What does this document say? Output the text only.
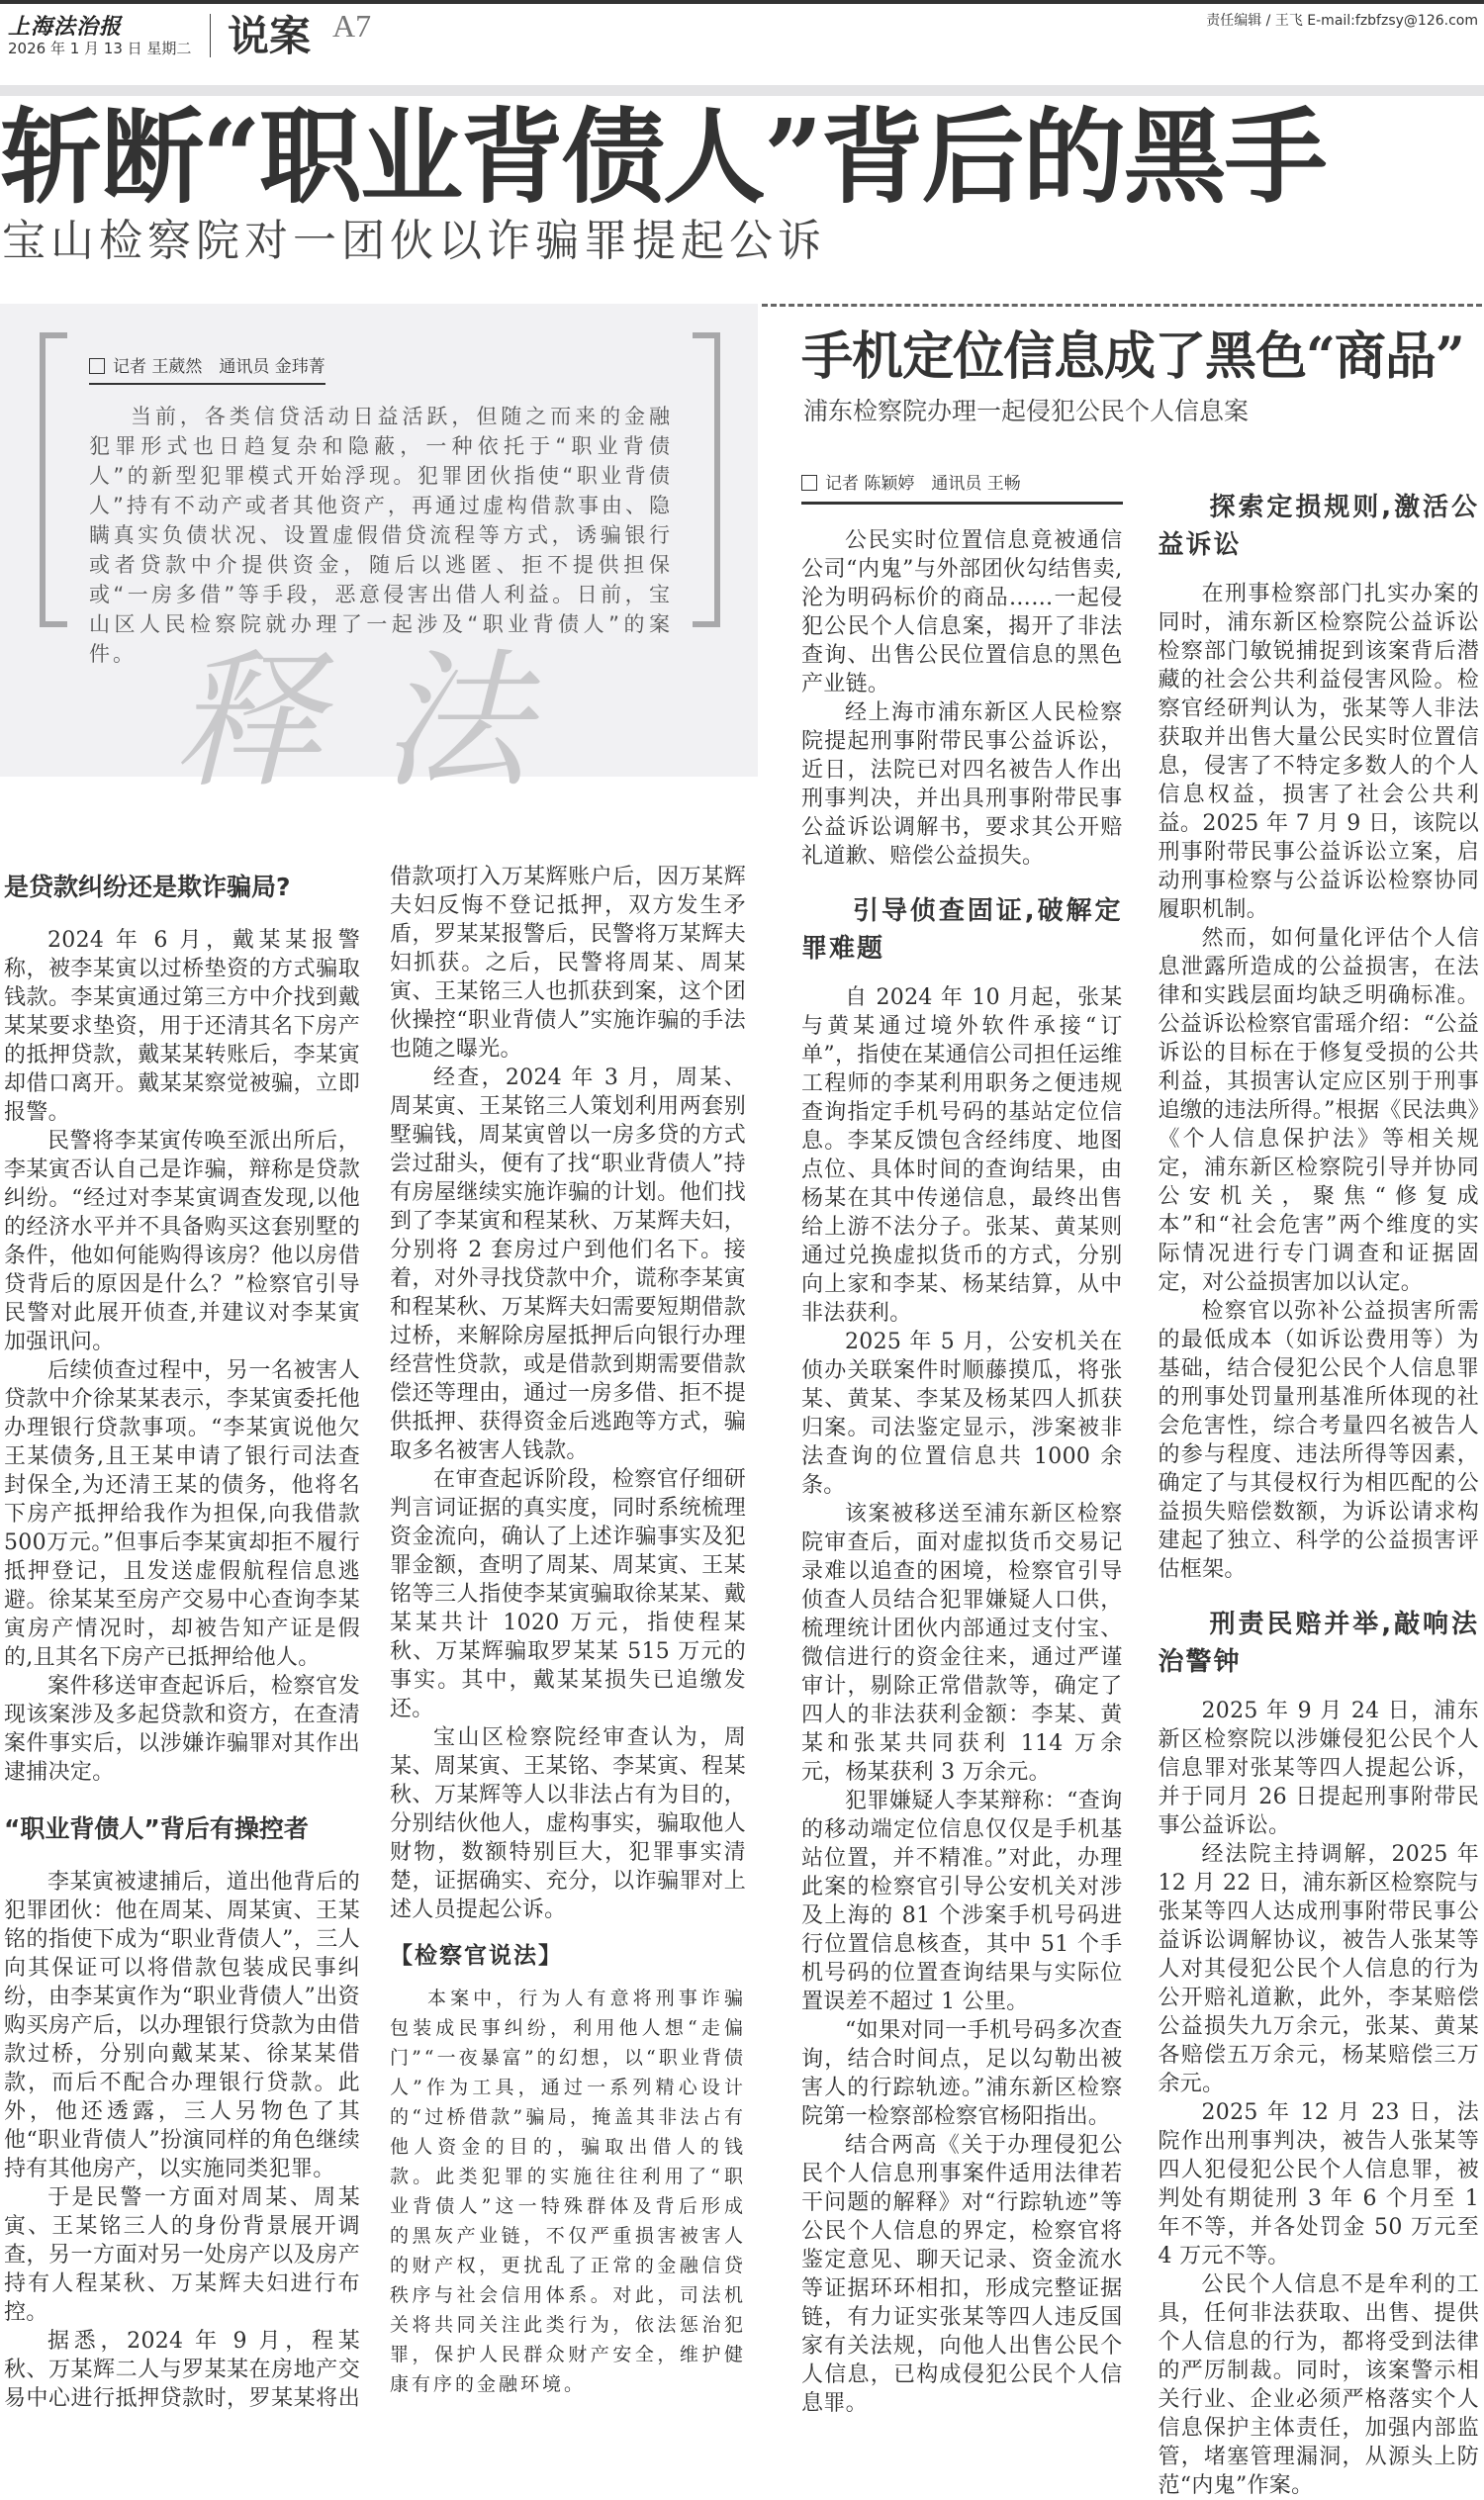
上海法治报
2026 年 1 月 13 日 星期二 说案 A7	责任编辑 / 王飞 E-mail:fzbfzsy@126.com
斩断“职业背债人”背后的黑手
宝山检察院对一团伙以诈骗罪提起公诉
记者 王葳然　通讯员 金玮菁
当前，各类信贷活动日益活跃，但随之而来的金融犯罪形式也日趋复杂和隐蔽，一种依托于“职业背债人”的新型犯罪模式开始浮现。犯罪团伙指使“职业背债人”持有不动产或者其他资产，再通过虚构借款事由、隐瞒真实负债状况、设置虚假借贷流程等方式，诱骗银行或者贷款中介提供资金，随后以逃匿、拒不提供担保或“一房多借”等手段，恶意侵害出借人利益。日前，宝山区人民检察院就办理了一起涉及“职业背债人”的案件。 释法
是贷款纠纷还是欺诈骗局?

2024 年 6 月，戴某某报警称，被李某寅以过桥垫资的方式骗取钱款。李某寅通过第三方中介找到戴某某要求垫资，用于还清其名下房产的抵押贷款，戴某某转账后，李某寅却借口离开。戴某某察觉被骗，立即报警。

民警将李某寅传唤至派出所后，李某寅否认自己是诈骗，辩称是贷款纠纷。“经过对李某寅调查发现,以他的经济水平并不具备购买这套别墅的条件，他如何能购得该房？他以房借贷背后的原因是什么？”检察官引导民警对此展开侦查,并建议对李某寅加强讯问。

后续侦查过程中，另一名被害人贷款中介徐某某表示，李某寅委托他办理银行贷款事项。“李某寅说他欠王某债务,且王某申请了银行司法查封保全,为还清王某的债务，他将名下房产抵押给我作为担保,向我借款500万元。”但事后李某寅却拒不履行抵押登记，且发送虚假航程信息逃避。徐某某至房产交易中心查询李某寅房产情况时，却被告知产证是假的,且其名下房产已抵押给他人。

案件移送审查起诉后，检察官发现该案涉及多起贷款和资方，在查清案件事实后，以涉嫌诈骗罪对其作出逮捕决定。

“职业背债人”背后有操控者

李某寅被逮捕后，道出他背后的犯罪团伙：他在周某、周某寅、王某铭的指使下成为“职业背债人”，三人向其保证可以将借款包装成民事纠纷，由李某寅作为“职业背债人”出资购买房产后，以办理银行贷款为由借款过桥，分别向戴某某、徐某某借款，而后不配合办理银行贷款。此外，他还透露，三人另物色了其他“职业背债人”扮演同样的角色继续持有其他房产，以实施同类犯罪。

于是民警一方面对周某、周某寅、王某铭三人的身份背景展开调查，另一方面对另一处房产以及房产持有人程某秋、万某辉夫妇进行布控。

据悉，2024 年 9 月，程某秋、万某辉二人与罗某某在房地产交易中心进行抵押贷款时，罗某某将出借款项打入万某辉账户后，因万某辉夫妇反悔不登记抵押，双方发生矛盾，罗某某报警后，民警将万某辉夫妇抓获。之后，民警将周某、周某寅、王某铭三人也抓获到案，这个团伙操控“职业背债人”实施诈骗的手法也随之曝光。

经查，2024 年 3 月，周某、周某寅、王某铭三人策划利用两套别墅骗钱，周某寅曾以一房多贷的方式尝过甜头，便有了找“职业背债人”持有房屋继续实施诈骗的计划。他们找到了李某寅和程某秋、万某辉夫妇，分别将 2 套房过户到他们名下。接着，对外寻找贷款中介，谎称李某寅和程某秋、万某辉夫妇需要短期借款过桥，来解除房屋抵押后向银行办理经营性贷款，或是借款到期需要借款偿还等理由，通过一房多借、拒不提供抵押、获得资金后逃跑等方式，骗取多名被害人钱款。

在审查起诉阶段，检察官仔细研判言词证据的真实度，同时系统梳理资金流向，确认了上述诈骗事实及犯罪金额，查明了周某、周某寅、王某铭等三人指使李某寅骗取徐某某、戴某某共计 1020 万元，指使程某秋、万某辉骗取罗某某 515 万元的事实。其中，戴某某损失已追缴发还。

宝山区检察院经审查认为，周某、周某寅、王某铭、李某寅、程某秋、万某辉等人以非法占有为目的，分别结伙他人，虚构事实，骗取他人财物，数额特别巨大，犯罪事实清楚，证据确实、充分，以诈骗罪对上述人员提起公诉。

【检察官说法】

本案中，行为人有意将刑事诈骗包装成民事纠纷，利用他人想“走偏门”“一夜暴富”的幻想，以“职业背债人”作为工具，通过一系列精心设计的“过桥借款”骗局，掩盖其非法占有他人资金的目的，骗取出借人的钱款。此类犯罪的实施往往利用了“职业背债人”这一特殊群体及背后形成的黑灰产业链，不仅严重损害被害人的财产权，更扰乱了正常的金融信贷秩序与社会信用体系。对此，司法机关将共同关注此类行为，依法惩治犯罪，保护人民群众财产安全，维护健康有序的金融环境。

手机定位信息成了黑色“商品”
浦东检察院办理一起侵犯公民个人信息案
记者 陈颖婷　通讯员 王畅

公民实时位置信息竟被通信公司“内鬼”与外部团伙勾结售卖,沦为明码标价的商品……一起侵犯公民个人信息案，揭开了非法查询、出售公民位置信息的黑色产业链。

经上海市浦东新区人民检察院提起刑事附带民事公益诉讼，近日，法院已对四名被告人作出刑事判决，并出具刑事附带民事公益诉讼调解书，要求其公开赔礼道歉、赔偿公益损失。

引导侦查固证,破解定罪难题

自 2024 年 10 月起，张某与黄某通过境外软件承接“订单”，指使在某通信公司担任运维工程师的李某利用职务之便违规查询指定手机号码的基站定位信息。李某反馈包含经纬度、地图点位、具体时间的查询结果，由杨某在其中传递信息，最终出售给上游不法分子。张某、黄某则通过兑换虚拟货币的方式，分别向上家和李某、杨某结算，从中非法获利。

2025 年 5 月，公安机关在侦办关联案件时顺藤摸瓜，将张某、黄某、李某及杨某四人抓获归案。司法鉴定显示，涉案被非法查询的位置信息共 1000 余条。

该案被移送至浦东新区检察院审查后，面对虚拟货币交易记录难以追查的困境，检察官引导侦查人员结合犯罪嫌疑人口供，梳理统计团伙内部通过支付宝、微信进行的资金往来，通过严谨审计，剔除正常借款等，确定了四人的非法获利金额：李某、黄某和张某共同获利 114 万余元，杨某获利 3 万余元。

犯罪嫌疑人李某辩称：“查询的移动端定位信息仅仅是手机基站位置，并不精准。”对此，办理此案的检察官引导公安机关对涉及上海的 81 个涉案手机号码进行位置信息核查，其中 51 个手机号码的位置查询结果与实际位置误差不超过 1 公里。

“如果对同一手机号码多次查询，结合时间点，足以勾勒出被害人的行踪轨迹。”浦东新区检察院第一检察部检察官杨阳指出。

结合两高《关于办理侵犯公民个人信息刑事案件适用法律若干问题的解释》对“行踪轨迹”等公民个人信息的界定，检察官将鉴定意见、聊天记录、资金流水等证据环环相扣，形成完整证据链，有力证实张某等四人违反国家有关法规，向他人出售公民个人信息，已构成侵犯公民个人信息罪。

探索定损规则,激活公益诉讼

在刑事检察部门扎实办案的同时，浦东新区检察院公益诉讼检察部门敏锐捕捉到该案背后潜藏的社会公共利益侵害风险。检察官经研判认为，张某等人非法获取并出售大量公民实时位置信息，侵害了不特定多数人的个人信息权益，损害了社会公共利益。2025 年 7 月 9 日，该院以刑事附带民事公益诉讼立案，启动刑事检察与公益诉讼检察协同履职机制。

然而，如何量化评估个人信息泄露所造成的公益损害，在法律和实践层面均缺乏明确标准。公益诉讼检察官雷瑶介绍：“公益诉讼的目标在于修复受损的公共利益，其损害认定应区别于刑事追缴的违法所得。”根据《民法典》《个人信息保护法》等相关规定，浦东新区检察院引导并协同公安机关，聚焦“修复成本”和“社会危害”两个维度的实际情况进行专门调查和证据固定，对公益损害加以认定。

检察官以弥补公益损害所需的最低成本（如诉讼费用等）为基础，结合侵犯公民个人信息罪的刑事处罚量刑基准所体现的社会危害性，综合考量四名被告人的参与程度、违法所得等因素，确定了与其侵权行为相匹配的公益损失赔偿数额，为诉讼请求构建起了独立、科学的公益损害评估框架。

刑责民赔并举,敲响法治警钟

2025 年 9 月 24 日，浦东新区检察院以涉嫌侵犯公民个人信息罪对张某等四人提起公诉，并于同月 26 日提起刑事附带民事公益诉讼。

经法院主持调解，2025 年 12 月 22 日，浦东新区检察院与张某等四人达成刑事附带民事公益诉讼调解协议，被告人张某等人对其侵犯公民个人信息的行为公开赔礼道歉，此外，李某赔偿公益损失九万余元，张某、黄某各赔偿五万余元，杨某赔偿三万余元。

2025 年 12 月 23 日，法院作出刑事判决，被告人张某等四人犯侵犯公民个人信息罪，被判处有期徒刑 3 年 6 个月至 1 年不等，并各处罚金 50 万元至 4 万元不等。

公民个人信息不是牟利的工具，任何非法获取、出售、提供个人信息的行为，都将受到法律的严厉制裁。同时，该案警示相关行业、企业必须严格落实个人信息保护主体责任，加强内部监管，堵塞管理漏洞，从源头上防范“内鬼”作案。
